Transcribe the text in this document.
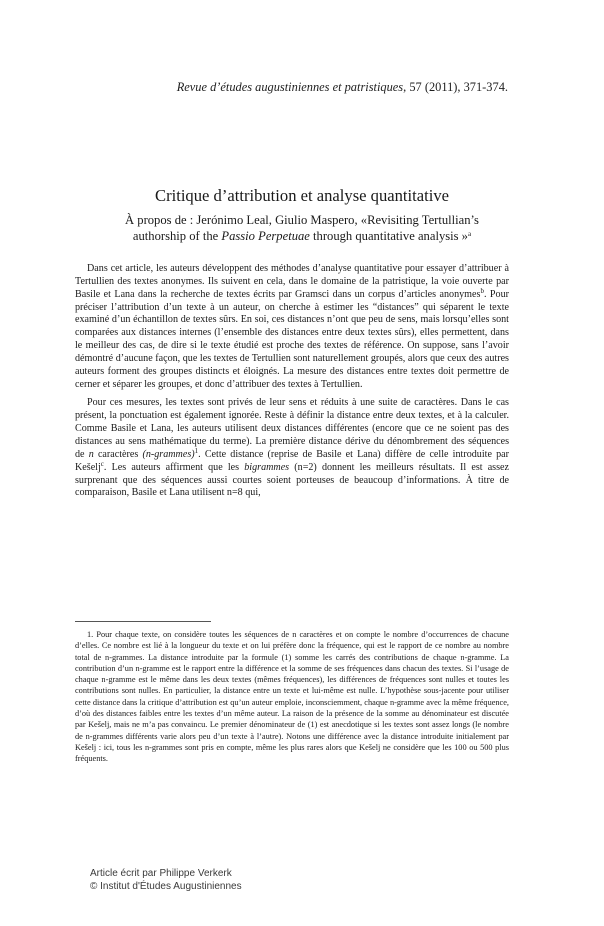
Revue d’études augustiniennes et patristiques, 57 (2011), 371-374.
Critique d’attribution et analyse quantitative
À propos de : Jerónimo Leal, Giulio Maspero, «Revisiting Tertullian’s
authorship of the Passio Perpetuae through quantitative analysis »$^a$

Dans cet article, les auteurs développent des méthodes d’analyse quantitative pour essayer d’attribuer à Tertullien des textes anonymes. Ils suivent en cela, dans le domaine de la patristique, la voie ouverte par Basile et Lana dans la recherche de textes écrits par Gramsci dans un corpus d’articles anonymes$^b$. Pour préciser l’attribution d’un texte à un auteur, on cherche à estimer les “distances” qui séparent le texte examiné d’un échantillon de textes sûrs. En soi, ces distances n’ont que peu de sens, mais lorsqu’elles sont comparées aux distances internes (l’ensemble des distances entre deux textes sûrs), elles permettent, dans le meilleur des cas, de dire si le texte étudié est proche des textes de référence. On suppose, sans l’avoir démontré d’aucune façon, que les textes de Tertullien sont naturellement groupés, alors que ceux des autres auteurs forment des groupes distincts et éloignés. La mesure des distances entre textes doit permettre de cerner et séparer les groupes, et donc d’attribuer des textes à Tertullien.

Pour ces mesures, les textes sont privés de leur sens et réduits à une suite de caractères. Dans le cas présent, la ponctuation est également ignorée. Reste à définir la distance entre deux textes, et à la calculer. Comme Basile et Lana, les auteurs utilisent deux distances différentes (encore que ce ne soient pas des distances au sens mathématique du terme). La première distance dérive du dénombrement des séquences de n caractères (n-grammes)$^1$. Cette distance (reprise de Basile et Lana) diffère de celle introduite par Kešelj$^c$. Les auteurs affirment que les bigrammes (n=2) donnent les meilleurs résultats. Il est assez surprenant que des séquences aussi courtes soient porteuses de beaucoup d’informations. À titre de comparaison, Basile et Lana utilisent n=8 qui,

1. Pour chaque texte, on considère toutes les séquences de n caractères et on compte le nombre d’occurrences de chacune d’elles. Ce nombre est lié à la longueur du texte et on lui préfère donc la fréquence, qui est le rapport de ce nombre au nombre total de n-grammes. La distance introduite par la formule (1) somme les carrés des contributions de chaque n-gramme. La contribution d’un n-gramme est le rapport entre la différence et la somme de ses fréquences dans chacun des textes. Si l’usage de chaque n-gramme est le même dans les deux textes (mêmes fréquences), les différences de fréquences sont nulles et toutes les contributions sont nulles. En particulier, la distance entre un texte et lui-même est nulle. L’hypothèse sous-jacente pour utiliser cette distance dans la critique d’attribution est qu’un auteur emploie, inconsciemment, chaque n-gramme avec la même fréquence, d’où des distances faibles entre les textes d’un même auteur. La raison de la présence de la somme au dénominateur est discutée par Kešelj, mais ne m’a pas convaincu. Le premier dénominateur de (1) est anecdotique si les textes sont assez longs (le nombre de n-grammes différents varie alors peu d’un texte à l’autre). Notons une différence avec la distance introduite initialement par Kešelj : ici, tous les n-grammes sont pris en compte, même les plus rares alors que Kešelj ne considère que les 100 ou 500 plus fréquents.

Article écrit par Philippe Verkerk
© Institut d'Études Augustiniennes
